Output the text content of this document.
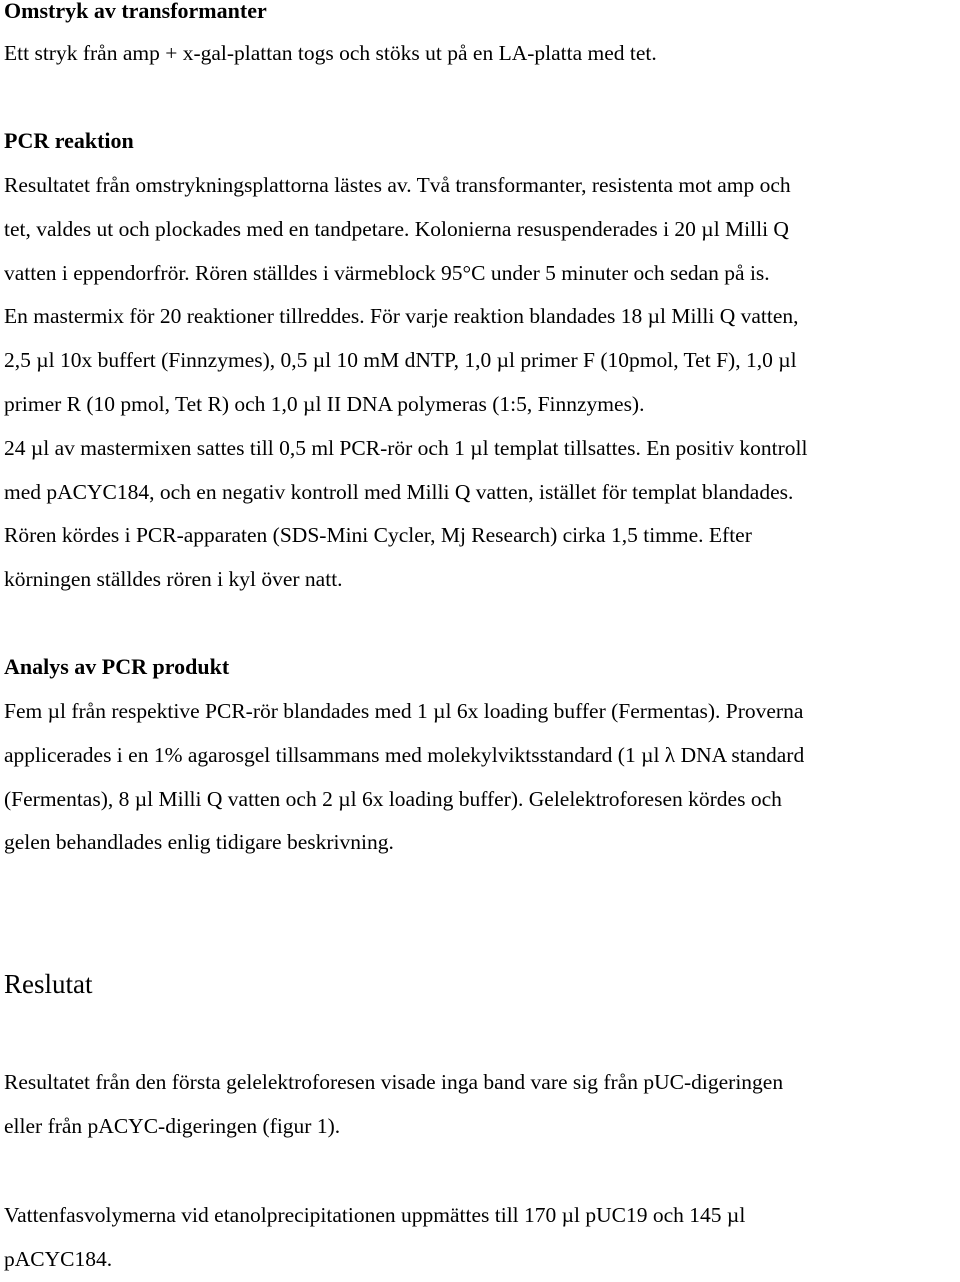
Omstryk av transformanter
Ett stryk från amp + x-gal-plattan togs och stöks ut på en LA-platta med tet.
PCR reaktion
Resultatet från omstrykningsplattorna lästes av. Två transformanter, resistenta mot amp och
tet, valdes ut och plockades med en tandpetare. Kolonierna resuspenderades i 20 µl Milli Q
vatten i eppendorfrör. Rören ställdes i värmeblock 95°C under 5 minuter och sedan på is.
En mastermix för 20 reaktioner tillreddes. För varje reaktion blandades 18 µl Milli Q vatten,
2,5 µl 10x buffert (Finnzymes), 0,5 µl 10 mM dNTP, 1,0 µl primer F (10pmol, Tet F), 1,0 µl
primer R (10 pmol, Tet R) och 1,0 µl II DNA polymeras (1:5, Finnzymes).
24 µl av mastermixen sattes till 0,5 ml PCR-rör och 1 µl templat tillsattes. En positiv kontroll
med pACYC184, och en negativ kontroll med Milli Q vatten, istället för templat blandades.
Rören kördes i PCR-apparaten (SDS-Mini Cycler, Mj Research) cirka 1,5 timme. Efter
körningen ställdes rören i kyl över natt.
Analys av PCR produkt
Fem µl från respektive PCR-rör blandades med 1 µl 6x loading buffer (Fermentas). Proverna
applicerades i en 1% agarosgel tillsammans med molekylviktsstandard (1 µl λ DNA standard
(Fermentas), 8 µl Milli Q vatten och 2 µl 6x loading buffer). Gelelektroforesen kördes och
gelen behandlades enlig tidigare beskrivning.
Reslutat
Resultatet från den första gelelektroforesen visade inga band vare sig från pUC-digeringen
eller från pACYC-digeringen (figur 1).
Vattenfasvolymerna vid etanolprecipitationen uppmättes till 170 µl pUC19 och 145 µl
pACYC184.
